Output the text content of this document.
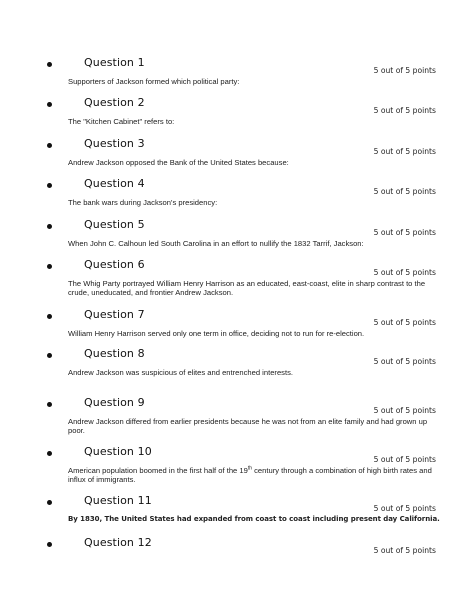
Question 1
5 out of 5 points
Supporters of Jackson formed which political party:
Question 2
5 out of 5 points
The "Kitchen Cabinet" refers to:
Question 3
5 out of 5 points
Andrew Jackson opposed the Bank of the United States because:
Question 4
5 out of 5 points
The bank wars during Jackson's presidency:
Question 5
5 out of 5 points
When John C. Calhoun led South Carolina in an effort to nullify the 1832 Tarrif, Jackson:
Question 6
5 out of 5 points
The Whig Party portrayed William Henry Harrison as an educated, east-coast, elite in sharp contrast to the crude, uneducated, and frontier Andrew Jackson.
Question 7
5 out of 5 points
William Henry Harrison served only one term in office, deciding not to run for re-election.
Question 8
5 out of 5 points
Andrew Jackson was suspicious of elites and entrenched interests.
Question 9
5 out of 5 points
Andrew Jackson differed from earlier presidents because he was not from an elite family and had grown up poor.
Question 10
5 out of 5 points
American population boomed in the first half of the 19th century through a combination of high birth rates and influx of immigrants.
Question 11
5 out of 5 points
By 1830, The United States had expanded from coast to coast including present day California.
Question 12
5 out of 5 points
